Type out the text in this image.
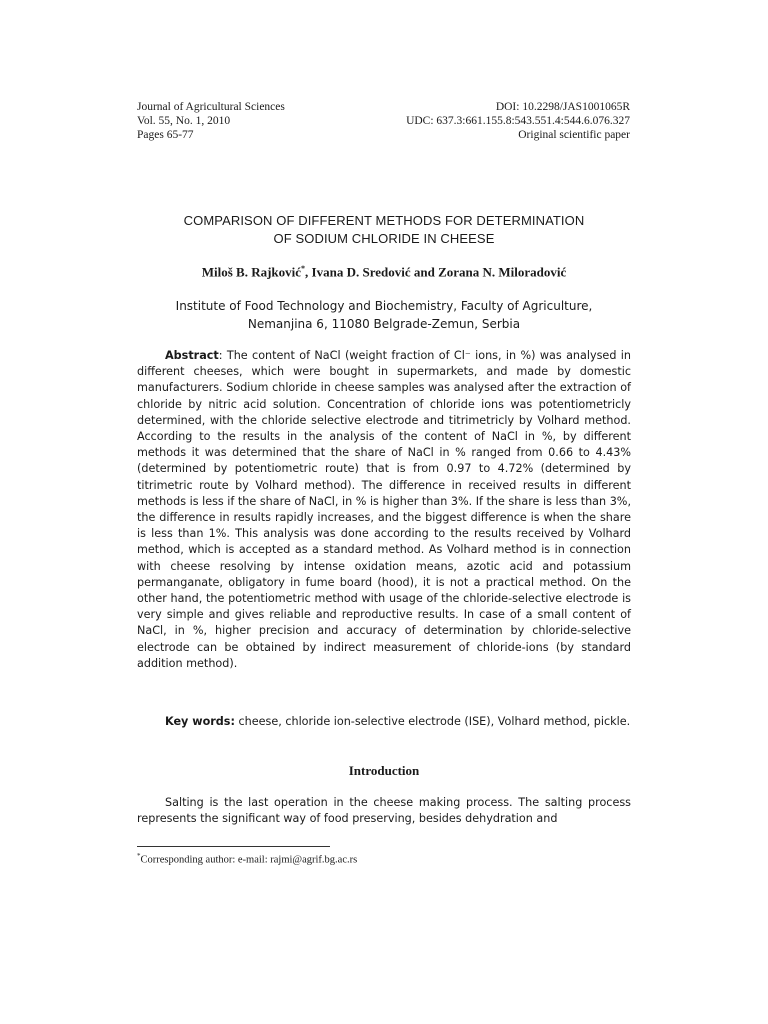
Journal of Agricultural Sciences
Vol. 55, No. 1, 2010
Pages 65-77
DOI: 10.2298/JAS1001065R
UDC: 637.3:661.155.8:543.551.4:544.6.076.327
Original scientific paper
COMPARISON OF DIFFERENT METHODS FOR DETERMINATION
OF SODIUM CHLORIDE IN CHEESE
Miloš B. Rajković*, Ivana D. Sredović and Zorana N. Miloradović
Institute of Food Technology and Biochemistry, Faculty of Agriculture,
Nemanjina 6, 11080 Belgrade-Zemun, Serbia

Abstract: The content of NaCl (weight fraction of Cl⁻ ions, in %) was analysed in different cheeses, which were bought in supermarkets, and made by domestic manufacturers. Sodium chloride in cheese samples was analysed after the extraction of chloride by nitric acid solution. Concentration of chloride ions was potentiometricly determined, with the chloride selective electrode and titrimetricly by Volhard method. According to the results in the analysis of the content of NaCl in %, by different methods it was determined that the share of NaCl in % ranged from 0.66 to 4.43% (determined by potentiometric route) that is from 0.97 to 4.72% (determined by titrimetric route by Volhard method). The difference in received results in different methods is less if the share of NaCl, in % is higher than 3%. If the share is less than 3%, the difference in results rapidly increases, and the biggest difference is when the share is less than 1%. This analysis was done according to the results received by Volhard method, which is accepted as a standard method. As Volhard method is in connection with cheese resolving by intense oxidation means, azotic acid and potassium permanganate, obligatory in fume board (hood), it is not a practical method. On the other hand, the potentiometric method with usage of the chloride-selective electrode is very simple and gives reliable and reproductive results. In case of a small content of NaCl, in %, higher precision and accuracy of determination by chloride-selective electrode can be obtained by indirect measurement of chloride-ions (by standard addition method).

Key words: cheese, chloride ion-selective electrode (ISE), Volhard method, pickle.

Introduction

Salting is the last operation in the cheese making process. The salting process represents the significant way of food preserving, besides dehydration and

*Corresponding author: e-mail: rajmi@agrif.bg.ac.rs
